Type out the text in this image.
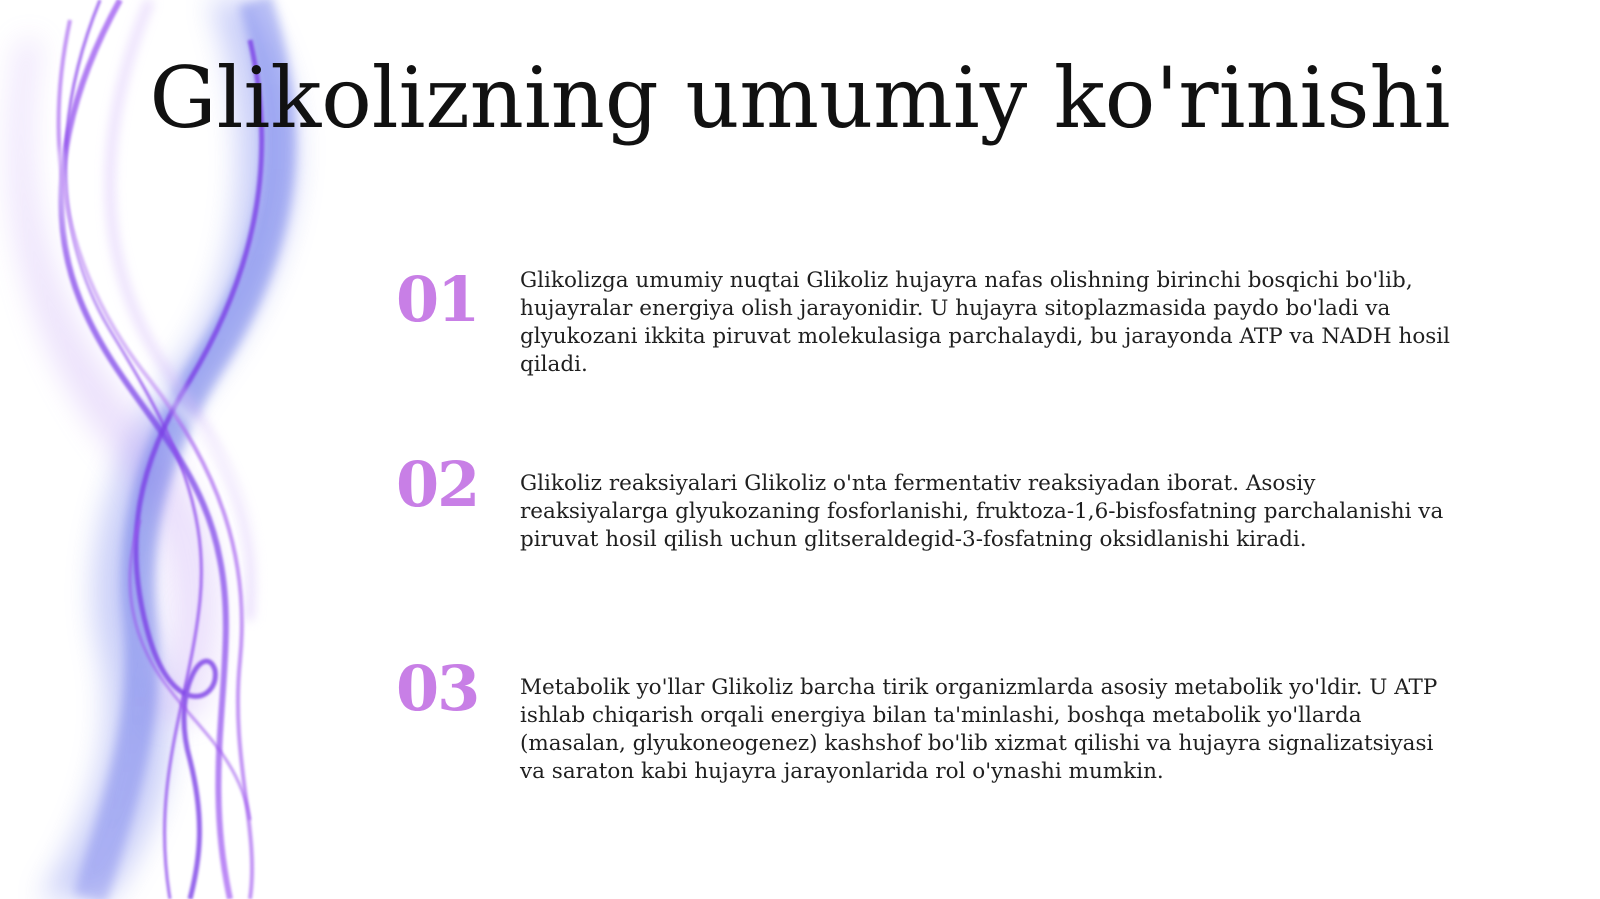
Glikolizning umumiy ko'rinishi
01	Glikolizga umumiy nuqtai Glikoliz hujayra nafas olishning birinchi bosqichi bo'lib, hujayralar energiya olish jarayonidir. U hujayra sitoplazmasida paydo bo'ladi va glyukozani ikkita piruvat molekulasiga parchalaydi, bu jarayonda ATP va NADH hosil qiladi.
02	Glikoliz reaksiyalari Glikoliz o'nta fermentativ reaksiyadan iborat. Asosiy reaksiyalarga glyukozaning fosforlanishi, fruktoza-1,6-bisfosfatning parchalanishi va piruvat hosil qilish uchun glitseraldegid-3-fosfatning oksidlanishi kiradi.
03	Metabolik yo'llar Glikoliz barcha tirik organizmlarda asosiy metabolik yo'ldir. U ATP ishlab chiqarish orqali energiya bilan ta'minlashi, boshqa metabolik yo'llarda (masalan, glyukoneogenez) kashshof bo'lib xizmat qilishi va hujayra signalizatsiyasi va saraton kabi hujayra jarayonlarida rol o'ynashi mumkin.
